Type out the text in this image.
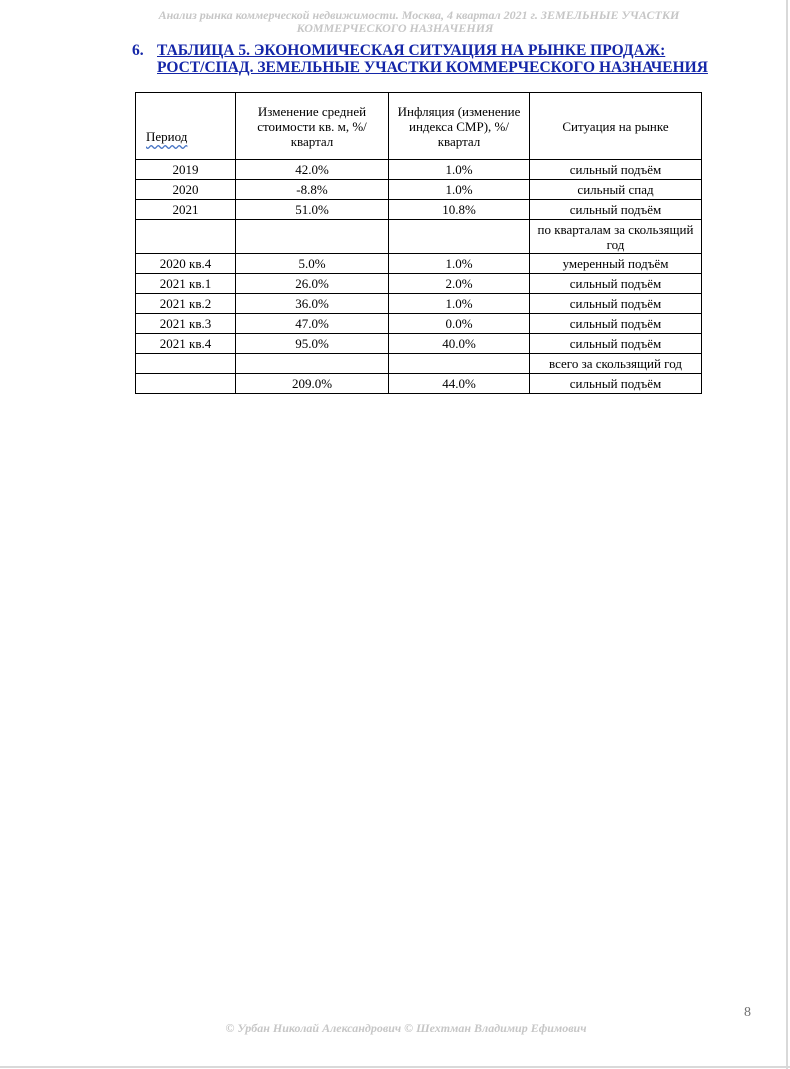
Анализ рынка коммерческой недвижимости. Москва, 4 квартал 2021 г. ЗЕМЕЛЬНЫЕ УЧАСТКИ
КОММЕРЧЕСКОГО НАЗНАЧЕНИЯ
6. ТАБЛИЦА 5. ЭКОНОМИЧЕСКАЯ СИТУАЦИЯ НА РЫНКЕ ПРОДАЖ:
РОСТ/СПАД. ЗЕМЕЛЬНЫЕ УЧАСТКИ КОММЕРЧЕСКОГО НАЗНАЧЕНИЯ
Период	Изменение средней стоимости кв. м, %/квартал	Инфляция (изменение индекса СМР), %/квартал	Ситуация на рынке
2019	42.0%	1.0%	сильный подъём
2020	-8.8%	1.0%	сильный спад
2021	51.0%	10.8%	сильный подъём
			по кварталам за скользящий год
2020 кв.4	5.0%	1.0%	умеренный подъём
2021 кв.1	26.0%	2.0%	сильный подъём
2021 кв.2	36.0%	1.0%	сильный подъём
2021 кв.3	47.0%	0.0%	сильный подъём
2021 кв.4	95.0%	40.0%	сильный подъём
			всего за скользящий год
	209.0%	44.0%	сильный подъём
8
© Урбан Николай Александрович © Шехтман Владимир Ефимович
